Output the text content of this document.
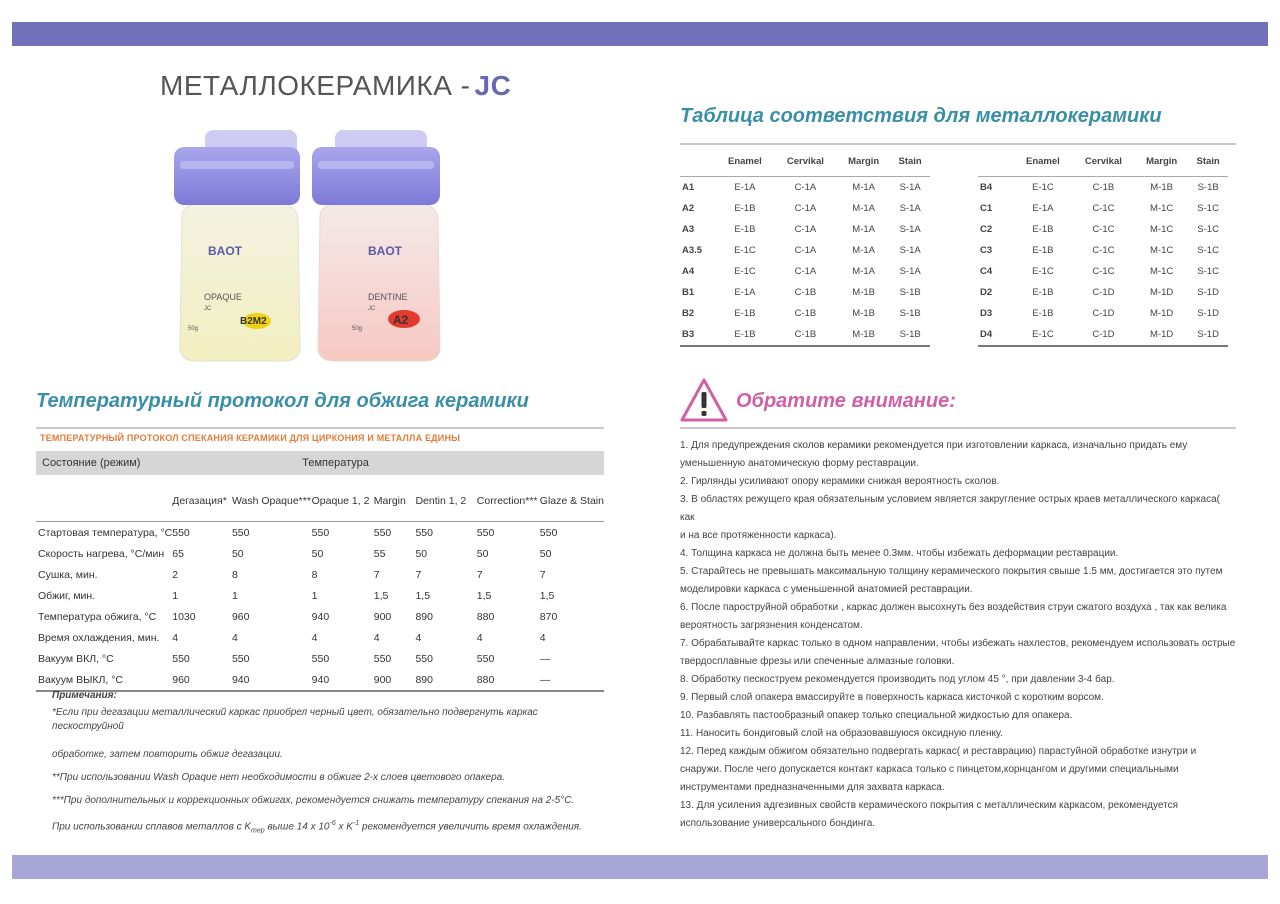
МЕТАЛЛОКЕРАМИКА - JC
BAOT
OPAQUE
JC
B2M2
50g
BAOT
DENTINE
JC
A2
50g
Температурный протокол для обжига керамики
ТЕМПЕРАТУРНЫЙ ПРОТОКОЛ СПЕКАНИЯ КЕРАМИКИ ДЛЯ ЦИРКОНИЯ И МЕТАЛЛА ЕДИНЫ
Состояние (режим)	Температура						
	Дегазация*	Wash Opaque***	Opaque 1, 2	Margin	Dentin 1, 2	Correction***	Glaze & Stain
Стартовая температура, °С	550	550	550	550	550	550	550
Скорость нагрева, °С/мин	65	50	50	55	50	50	50
Сушка, мин.	2	8	8	7	7	7	7
Обжиг, мин.	1	1	1	1,5	1,5	1,5	1,5
Температура обжига, °С	1030	960	940	900	890	880	870
Время охлаждения, мин.	4	4	4	4	4	4	4
Вакуум ВКЛ, °С	550	550	550	550	550	550	—
Вакуум ВЫКЛ, °С	960	940	940	900	890	880	—
Примечания:

*Если при дегазации металлический каркас приобрел черный цвет, обязательно подвергнуть каркас пескоструйной

обработке, затем повторить обжиг дегазации.

**При использовании Wash Opaque нет необходимости в обжиге 2-х слоев цветового опакера.

***При дополнительных и коррекционных обжигах, рекомендуется снижать температуру спекания на 2-5°С.

При использовании сплавов металлов с $K_{тер}$ выше 14 х $10^{-6}$ х $K^{-1}$ рекомендуется увеличить время охлаждения.

Таблица соответствия для металлокерамики
	Enamel	Cervikal	Margin	Stain
A1	E-1A	C-1A	M-1A	S-1A
A2	E-1B	C-1A	M-1A	S-1A
A3	E-1B	C-1A	M-1A	S-1A
A3.5	E-1C	C-1A	M-1A	S-1A
A4	E-1C	C-1A	M-1A	S-1A
B1	E-1A	C-1B	M-1B	S-1B
B2	E-1B	C-1B	M-1B	S-1B
B3	E-1B	C-1B	M-1B	S-1B
	Enamel	Cervikal	Margin	Stain
B4	E-1C	C-1B	M-1B	S-1B
C1	E-1A	C-1C	M-1C	S-1C
C2	E-1B	C-1C	M-1C	S-1C
C3	E-1B	C-1C	M-1C	S-1C
C4	E-1C	C-1C	M-1C	S-1C
D2	E-1B	C-1D	M-1D	S-1D
D3	E-1B	C-1D	M-1D	S-1D
D4	E-1C	C-1D	M-1D	S-1D
Обратите внимание:
1. Для предупреждения сколов керамики рекомендуется при изготовлении каркаса, изначально придать ему
уменьшенную анатомическую форму реставрации.
2. Гирлянды усиливают опору керамики снижая вероятность сколов.
3. В областях режущего края обязательным условием является закругление острых краев металлического каркаса( как
и на все протяженности каркаса).
4. Толщина каркаса не должна быть менее 0.3мм. чтобы избежать деформации реставрации.
5. Старайтесь не превышать максимальную толщину керамического покрытия свыше 1.5 мм, достигается это путем
моделировки каркаса с уменьшенной анатомией реставрации.
6. После пароструйной обработки , каркас должен высохнуть без воздействия струи сжатого воздуха , так как велика
вероятность загрязнения конденсатом.
7. Обрабатывайте каркас только в одном направлении, чтобы избежать нахлестов, рекомендуем использовать острые
твердосплавные фрезы или спеченные алмазные головки.
8. Обработку пескоструем рекомендуется производить под углом 45 °, при давлении 3-4 бар.
9. Первый слой опакера вмассируйте в поверхность каркаса кисточкой с коротким ворсом.
10. Разбавлять пастообразный опакер только специальной жидкостью для опакера.
11. Наносить бондиговый слой на образовавшуюся оксидную пленку.
12. Перед каждым обжигом обязательно подвергать каркас( и реставрацию) парастуйной обработке изнутри и
снаружи. После чего допускается контакт каркаса только с пинцетом,корнцангом и другими специальными
инструментами предназначенными для захвата каркаса.
13. Для усиления адгезивных свойств керамического покрытия с металлическим каркасом, рекомендуется
использование универсального бондинга.
